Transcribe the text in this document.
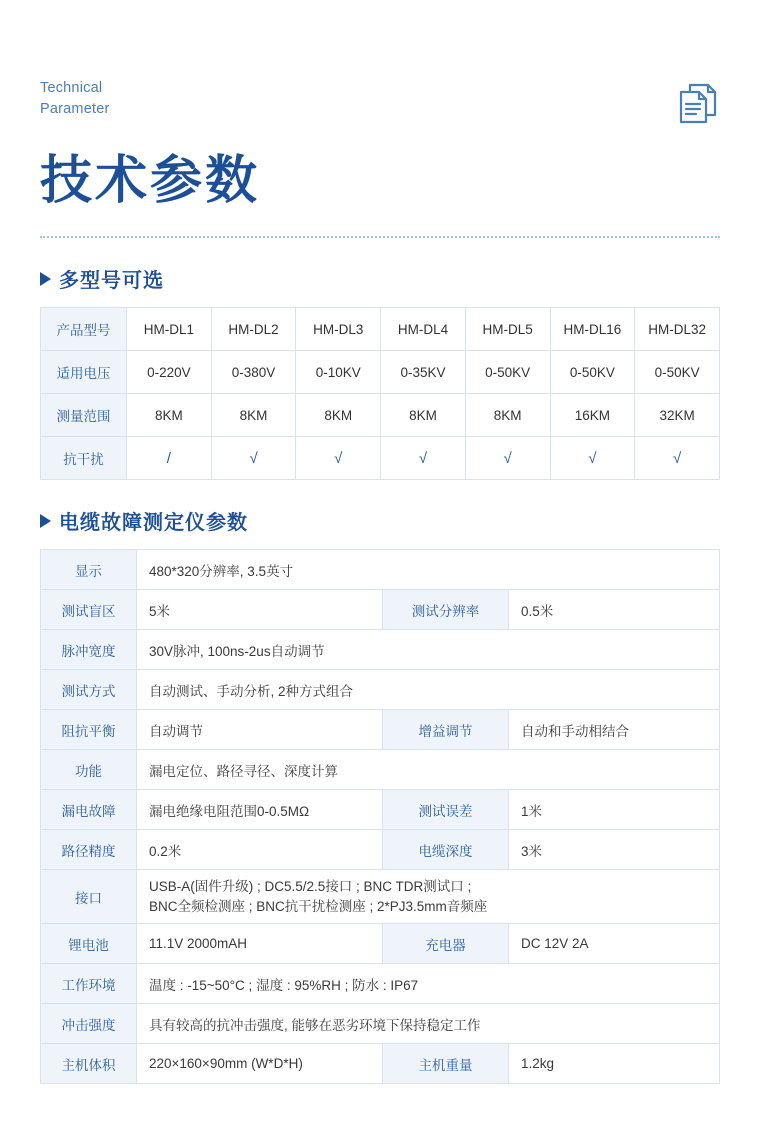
Technical
Parameter
技术参数
多型号可选
产品型号	HM-DL1	HM-DL2	HM-DL3	HM-DL4	HM-DL5	HM-DL16	HM-DL32
适用电压	0-220V	0-380V	0-10KV	0-35KV	0-50KV	0-50KV	0-50KV
测量范围	8KM	8KM	8KM	8KM	8KM	16KM	32KM
抗干扰	/	√	√	√	√	√	√
电缆故障测定仪参数
显示	480*320分辨率, 3.5英寸		
测试盲区	5米	测试分辨率	0.5米
脉冲宽度	30V脉冲, 100ns-2us自动调节		
测试方式	自动测试、手动分析, 2种方式组合		
阻抗平衡	自动调节	增益调节	自动和手动相结合
功能	漏电定位、路径寻径、深度计算		
漏电故障	漏电绝缘电阻范围0-0.5MΩ	测试误差	1米
路径精度	0.2米	电缆深度	3米
接口	USB-A(固件升级) ; DC5.5/2.5接口 ; BNC TDR测试口 ;
BNC全频检测座 ; BNC抗干扰检测座 ; 2*PJ3.5mm音频座		

锂电池	11.1V 2000mAH	充电器	DC 12V 2A
工作环境	温度 : -15~50°C ; 湿度 : 95%RH ; 防水 : IP67		
冲击强度	具有较高的抗冲击强度, 能够在恶劣环境下保持稳定工作		
主机体积	220×160×90mm (W*D*H)	主机重量	1.2kg
